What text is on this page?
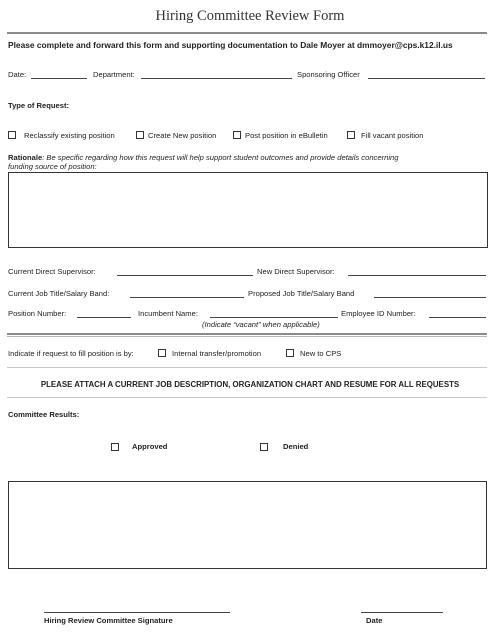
Hiring Committee Review Form
Please complete and forward this form and supporting documentation to Dale Moyer at dmmoyer@cps.k12.il.us
Date:	Department:	Sponsoring Officer
Type of Request:
Reclassify existing position	Create New position	Post position in eBulletin	Fill vacant position
Rationale: Be specific regarding how this request will help support student outcomes and provide details concerning
funding source of position:
Current Direct Supervisor:	New Direct Supervisor:
Current Job Title/Salary Band:	Proposed Job Title/Salary Band
Position Number:	Incumbent Name:	Employee ID Number:
(Indicate “vacant” when applicable)
Indicate if request to fill position is by:	Internal transfer/promotion	New to CPS
PLEASE ATTACH A CURRENT JOB DESCRIPTION, ORGANIZATION CHART AND RESUME FOR ALL REQUESTS
Committee Results:
Approved	Denied
Hiring Review Committee Signature	Date
